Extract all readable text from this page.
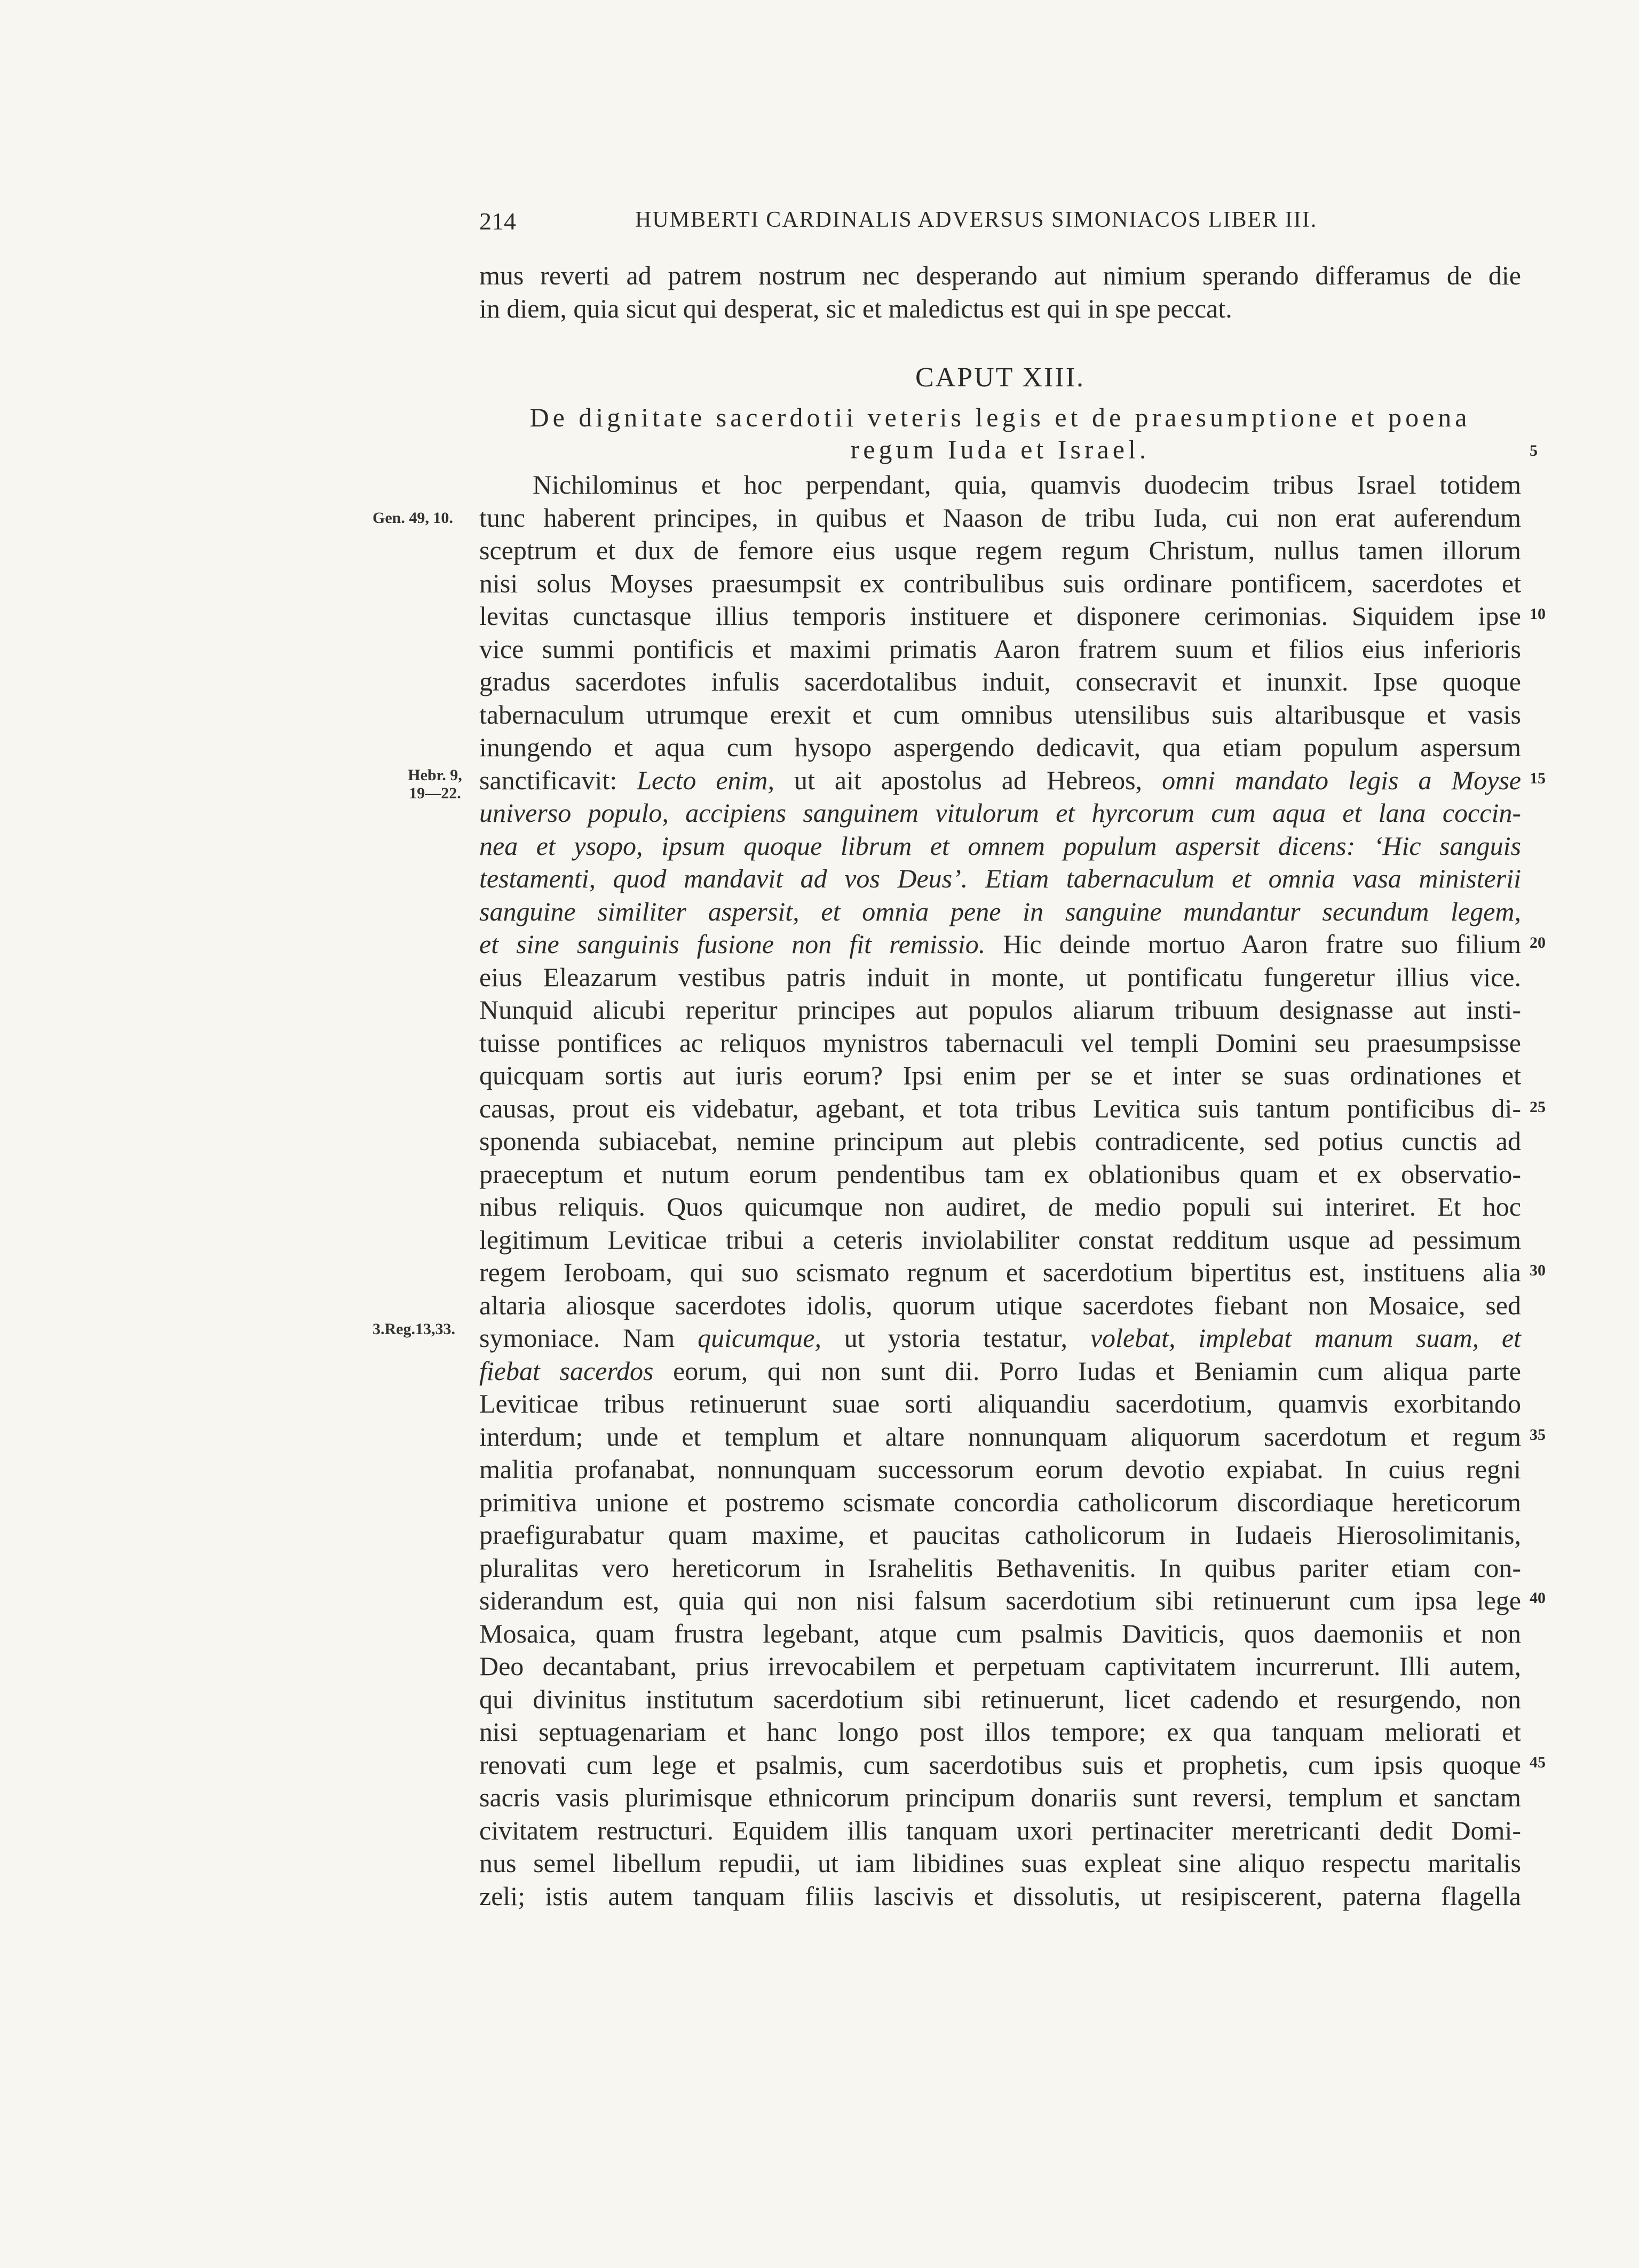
214	HUMBERTI CARDINALIS ADVERSUS SIMONIACOS LIBER III.
mus reverti ad patrem nostrum nec desperando aut nimium sperando differamus de die
in diem, quia sicut qui desperat, sic et maledictus est qui in spe peccat.
CAPUT XIII.
De dignitate sacerdotii veteris legis et de praesumptione et poena
regum Iuda et Israel.
Nichilominus et hoc perpendant, quia, quamvis duodecim tribus Israel totidem
tunc haberent principes, in quibus et Naason de tribu Iuda, cui non erat auferendum
sceptrum et dux de femore eius usque regem regum Christum, nullus tamen illorum
nisi solus Moyses praesumpsit ex contribulibus suis ordinare pontificem, sacerdotes et
levitas cunctasque illius temporis instituere et disponere cerimonias. Siquidem ipse
vice summi pontificis et maximi primatis Aaron fratrem suum et filios eius inferioris
gradus sacerdotes infulis sacerdotalibus induit, consecravit et inunxit. Ipse quoque
tabernaculum utrumque erexit et cum omnibus utensilibus suis altaribusque et vasis
inungendo et aqua cum hysopo aspergendo dedicavit, qua etiam populum aspersum
sanctificavit: Lecto enim, ut ait apostolus ad Hebreos, omni mandato legis a Moyse
universo populo, accipiens sanguinem vitulorum et hyrcorum cum aqua et lana coccin-
nea et ysopo, ipsum quoque librum et omnem populum aspersit dicens: ‘Hic sanguis
testamenti, quod mandavit ad vos Deus’. Etiam tabernaculum et omnia vasa ministerii
sanguine similiter aspersit, et omnia pene in sanguine mundantur secundum legem,
et sine sanguinis fusione non fit remissio. Hic deinde mortuo Aaron fratre suo filium
eius Eleazarum vestibus patris induit in monte, ut pontificatu fungeretur illius vice.
Nunquid alicubi reperitur principes aut populos aliarum tribuum designasse aut insti-
tuisse pontifices ac reliquos mynistros tabernaculi vel templi Domini seu praesumpsisse
quicquam sortis aut iuris eorum? Ipsi enim per se et inter se suas ordinationes et
causas, prout eis videbatur, agebant, et tota tribus Levitica suis tantum pontificibus di-
sponenda subiacebat, nemine principum aut plebis contradicente, sed potius cunctis ad
praeceptum et nutum eorum pendentibus tam ex oblationibus quam et ex observatio-
nibus reliquis. Quos quicumque non audiret, de medio populi sui interiret. Et hoc
legitimum Leviticae tribui a ceteris inviolabiliter constat redditum usque ad pessimum
regem Ieroboam, qui suo scismato regnum et sacerdotium bipertitus est, instituens alia
altaria aliosque sacerdotes idolis, quorum utique sacerdotes fiebant non Mosaice, sed
symoniace. Nam quicumque, ut ystoria testatur, volebat, implebat manum suam, et
fiebat sacerdos eorum, qui non sunt dii. Porro Iudas et Beniamin cum aliqua parte
Leviticae tribus retinuerunt suae sorti aliquandiu sacerdotium, quamvis exorbitando
interdum; unde et templum et altare nonnunquam aliquorum sacerdotum et regum
malitia profanabat, nonnunquam successorum eorum devotio expiabat. In cuius regni
primitiva unione et postremo scismate concordia catholicorum discordiaque hereticorum
praefigurabatur quam maxime, et paucitas catholicorum in Iudaeis Hierosolimitanis,
pluralitas vero hereticorum in Israhelitis Bethavenitis. In quibus pariter etiam con-
siderandum est, quia qui non nisi falsum sacerdotium sibi retinuerunt cum ipsa lege
Mosaica, quam frustra legebant, atque cum psalmis Daviticis, quos daemoniis et non
Deo decantabant, prius irrevocabilem et perpetuam captivitatem incurrerunt. Illi autem,
qui divinitus institutum sacerdotium sibi retinuerunt, licet cadendo et resurgendo, non
nisi septuagenariam et hanc longo post illos tempore; ex qua tanquam meliorati et
renovati cum lege et psalmis, cum sacerdotibus suis et prophetis, cum ipsis quoque
sacris vasis plurimisque ethnicorum principum donariis sunt reversi, templum et sanctam
civitatem restructuri. Equidem illis tanquam uxori pertinaciter meretricanti dedit Domi-
nus semel libellum repudii, ut iam libidines suas expleat sine aliquo respectu maritalis
zeli; istis autem tanquam filiis lascivis et dissolutis, ut resipiscerent, paterna flagella
Gen. 49, 10.
Hebr. 9,
19—22.
3.Reg.13,33.
5
10
15
20
25
30
35
40
45
